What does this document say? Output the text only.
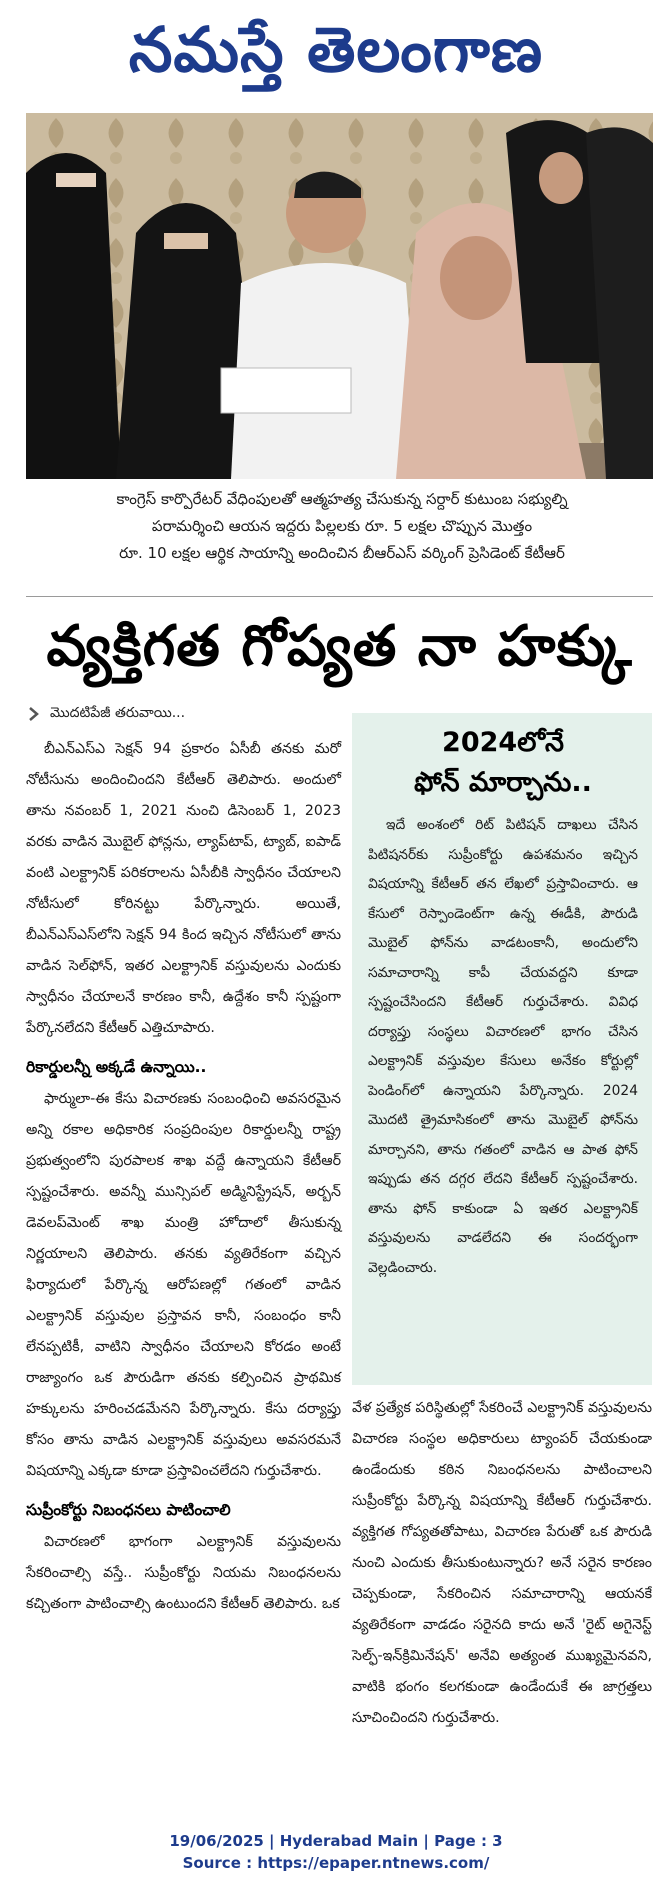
నమస్తే తెలంగాణ
కాంగ్రెస్ కార్పొరేటర్ వేధింపులతో ఆత్మహత్య చేసుకున్న సర్దార్ కుటుంబ సభ్యుల్ని
పరామర్శించి ఆయన ఇద్దరు పిల్లలకు రూ. 5 లక్షల చొప్పున మొత్తం
రూ. 10 లక్షల ఆర్థిక సాయాన్ని అందించిన బీఆర్ఎస్ వర్కింగ్ ప్రెసిడెంట్ కేటీఆర్
వ్యక్తిగత గోప్యత నా హక్కు
మొదటిపేజీ తరువాయి...
బీఎన్ఎస్ఎ సెక్షన్ 94 ప్రకారం ఏసీబీ తనకు మరో నోటీసును అందించిందని కేటీఆర్ తెలిపారు. అందులో తాను నవంబర్ 1, 2021 నుంచి డిసెంబర్ 1, 2023 వరకు వాడిన మొబైల్ ఫోన్లను, ల్యాప్‌టాప్, ట్యాబ్, ఐపాడ్ వంటి ఎలక్ట్రానిక్ పరికరాలను ఏసీబీకి స్వాధీనం చేయాలని నోటీసులో కోరినట్టు పేర్కొన్నారు. అయితే, బీఎన్ఎస్ఎస్‌లోని సెక్షన్ 94 కింద ఇచ్చిన నోటీసులో తాను వాడిన సెల్‌ఫోన్, ఇతర ఎలక్ట్రానిక్ వస్తువులను ఎందుకు స్వాధీనం చేయాలనే కారణం కానీ, ఉద్దేశం కానీ స్పష్టంగా పేర్కొనలేదని కేటీఆర్ ఎత్తిచూపారు.
రికార్డులన్నీ అక్కడే ఉన్నాయి..
ఫార్ములా-ఈ కేసు విచారణకు సంబంధించి అవసరమైన అన్ని రకాల అధికారిక సంప్రదింపుల రికార్డులన్నీ రాష్ట్ర ప్రభుత్వంలోని పురపాలక శాఖ వద్దే ఉన్నాయని కేటీఆర్ స్పష్టంచేశారు. అవన్నీ మున్సిపల్ అడ్మినిస్ట్రేషన్, అర్బన్ డెవలప్‌మెంట్ శాఖ మంత్రి హోదాలో తీసుకున్న నిర్ణయాలని తెలిపారు. తనకు వ్యతిరేకంగా వచ్చిన ఫిర్యాదులో పేర్కొన్న ఆరోపణల్లో గతంలో వాడిన ఎలక్ట్రానిక్ వస్తువుల ప్రస్తావన కానీ, సంబంధం కానీ లేనప్పటికీ, వాటిని స్వాధీనం చేయాలని కోరడం అంటే రాజ్యాంగం ఒక పౌరుడిగా తనకు కల్పించిన ప్రాథమిక హక్కులను హరించడమేనని పేర్కొన్నారు. కేసు దర్యాప్తు కోసం తాను వాడిన ఎలక్ట్రానిక్ వస్తువులు అవసరమనే విషయాన్ని ఎక్కడా కూడా ప్రస్తావించలేదని గుర్తుచేశారు.
సుప్రీంకోర్టు నిబంధనలు పాటించాలి
విచారణలో భాగంగా ఎలక్ట్రానిక్ వస్తువులను సేకరించాల్సి వస్తే.. సుప్రీంకోర్టు నియమ నిబంధనలను కచ్చితంగా పాటించాల్సి ఉంటుందని కేటీఆర్ తెలిపారు. ఒక
2024లోనే
ఫోన్ మార్చాను..
ఇదే అంశంలో రిట్ పిటిషన్ దాఖలు చేసిన పిటిషనర్‌కు సుప్రీంకోర్టు ఉపశమనం ఇచ్చిన విషయాన్ని కేటీఆర్ తన లేఖలో ప్రస్తావించారు. ఆ కేసులో రెస్పాండెంట్‌గా ఉన్న ఈడీకి, పౌరుడి మొబైల్ ఫోన్‌ను వాడటంకానీ, అందులోని సమాచారాన్ని కాపీ చేయవద్దని కూడా స్పష్టంచేసిందని కేటీఆర్ గుర్తుచేశారు. వివిధ దర్యాప్తు సంస్థలు విచారణలో భాగం చేసిన ఎలక్ట్రానిక్ వస్తువుల కేసులు అనేకం కోర్టుల్లో పెండింగ్‌లో ఉన్నాయని పేర్కొన్నారు. 2024 మొదటి త్రైమాసికంలో తాను మొబైల్ ఫోన్‌ను మార్చానని, తాను గతంలో వాడిన ఆ పాత ఫోన్ ఇప్పుడు తన దగ్గర లేదని కేటీఆర్ స్పష్టంచేశారు. తాను ఫోన్ కాకుండా ఏ ఇతర ఎలక్ట్రానిక్ వస్తువులను వాడలేదని ఈ సందర్భంగా వెల్లడించారు.
వేళ ప్రత్యేక పరిస్థితుల్లో సేకరించే ఎలక్ట్రానిక్ వస్తువులను విచారణ సంస్థల అధికారులు ట్యాంపర్ చేయకుండా ఉండేందుకు కఠిన నిబంధనలను పాటించాలని సుప్రీంకోర్టు పేర్కొన్న విషయాన్ని కేటీఆర్ గుర్తుచేశారు. వ్యక్తిగత గోప్యతతోపాటు, విచారణ పేరుతో ఒక పౌరుడి నుంచి ఎందుకు తీసుకుంటున్నారు? అనే సరైన కారణం చెప్పకుండా, సేకరించిన సమాచారాన్ని ఆయనకే వ్యతిరేకంగా వాడడం సరైనది కాదు అనే 'రైట్ అగైనెస్ట్ సెల్ఫ్-ఇన్‌క్రిమినేషన్' అనేవి అత్యంత ముఖ్యమైనవని, వాటికి భంగం కలగకుండా ఉండేందుకే ఈ జాగ్రత్తలు సూచించిందని గుర్తుచేశారు.
19/06/2025 | Hyderabad Main | Page : 3
Source : https://epaper.ntnews.com/
